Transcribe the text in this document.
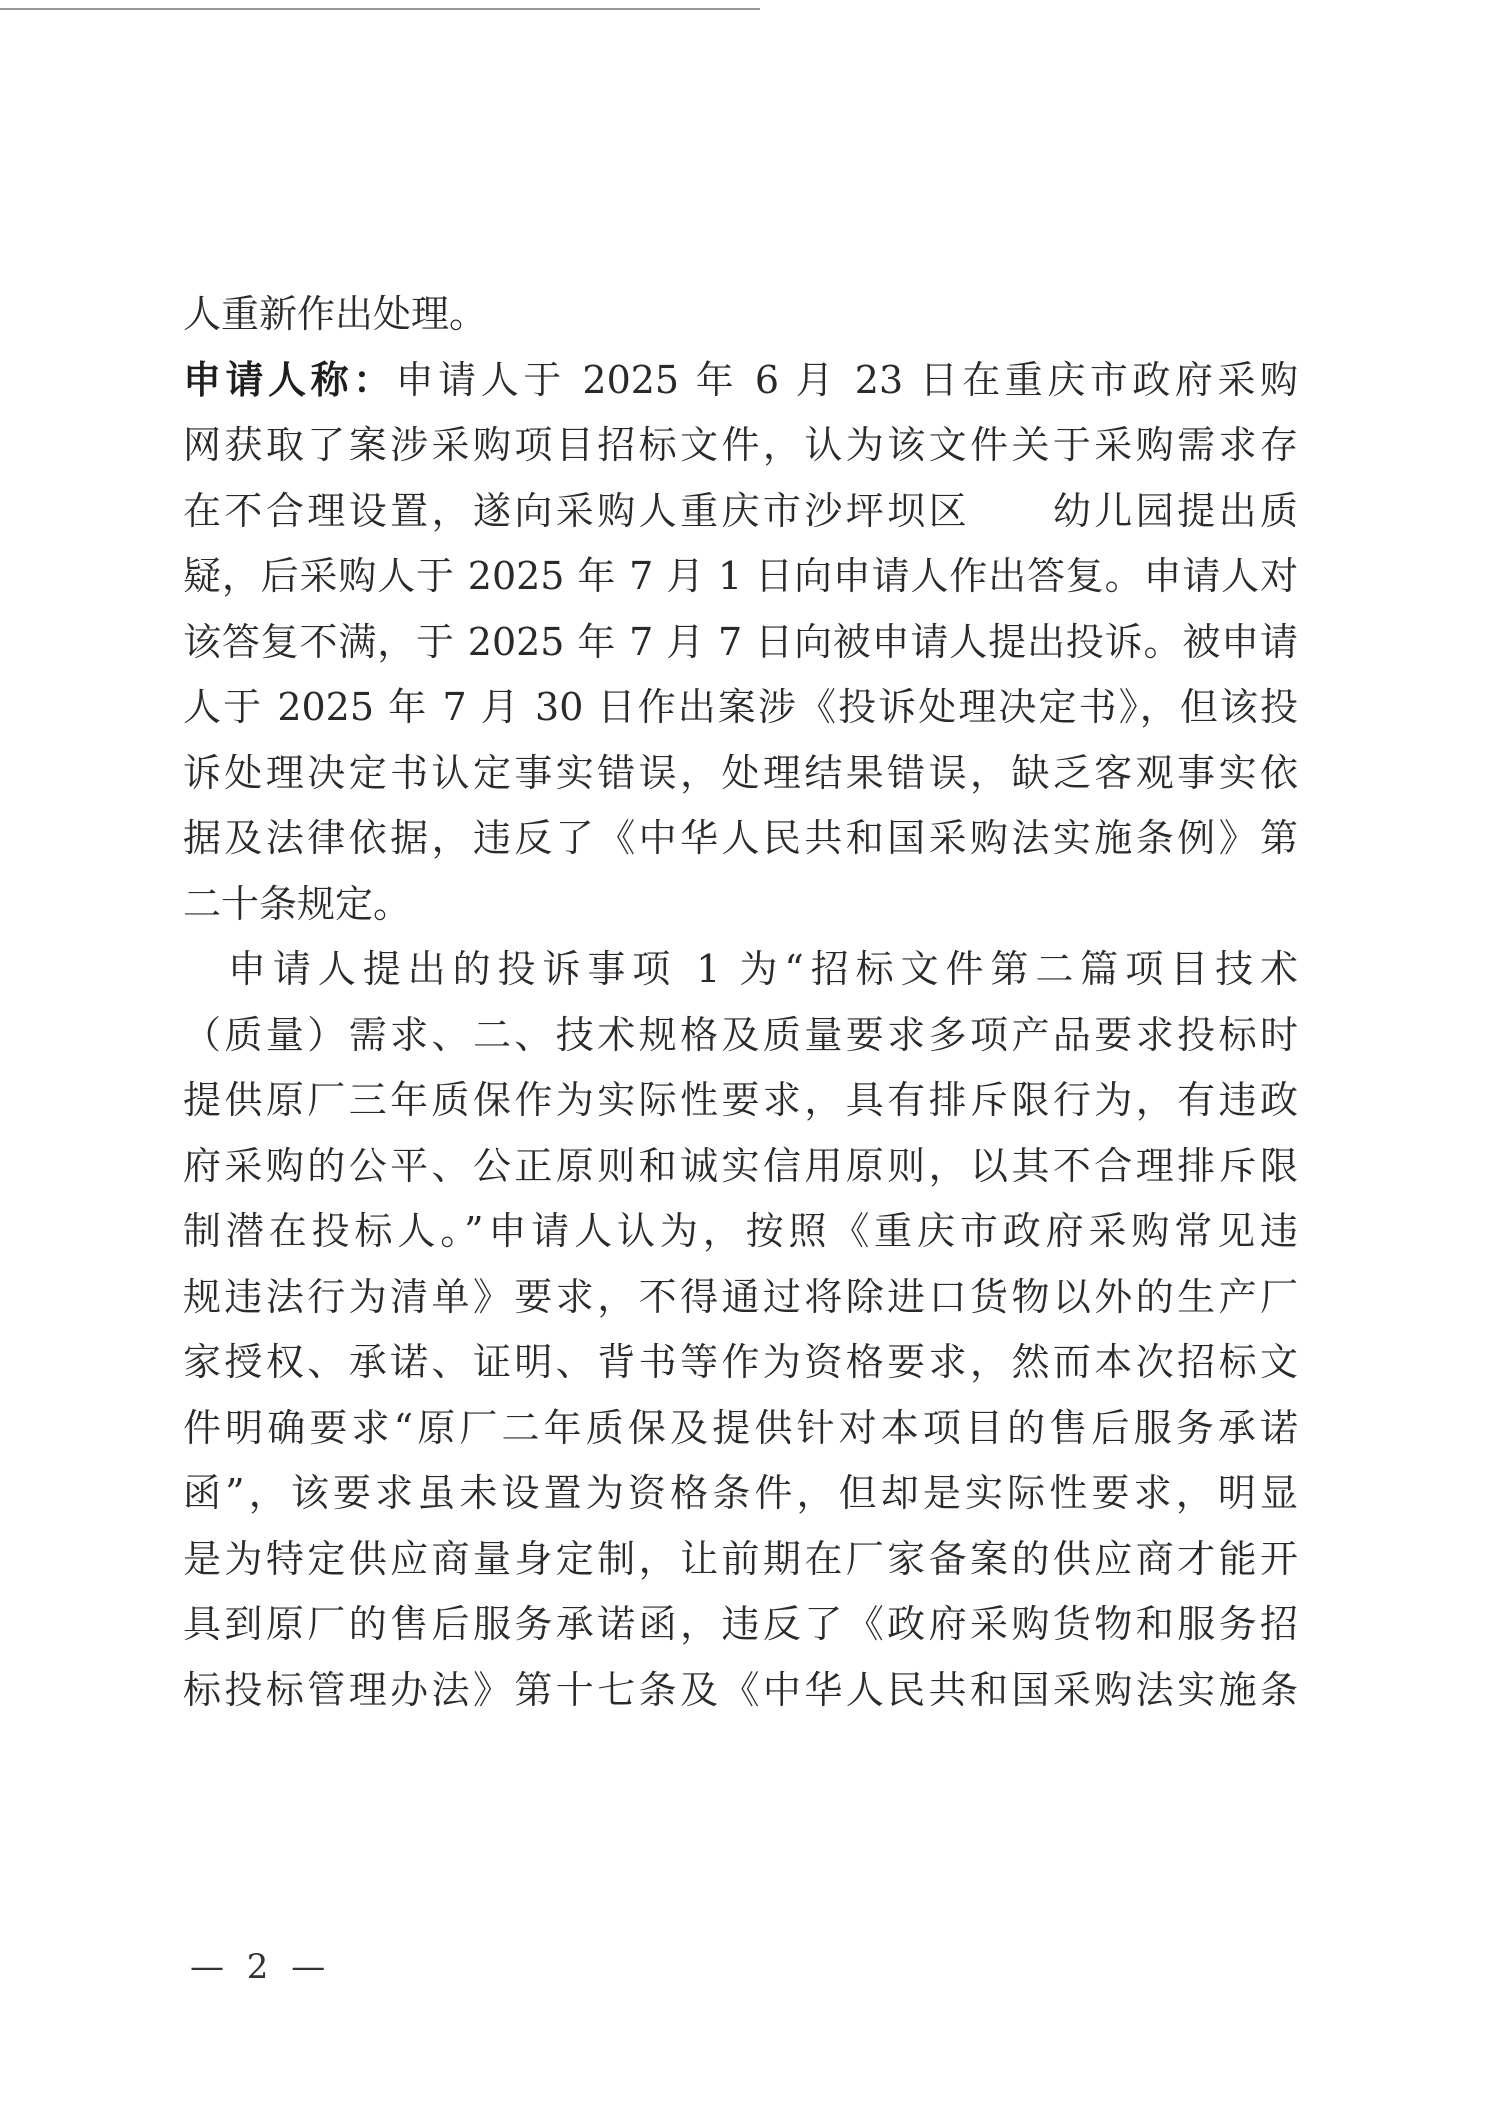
人重新作出处理。
申请人称：申请人于 2025 年 6 月 23 日在重庆市政府采购
网获取了案涉采购项目招标文件，认为该文件关于采购需求存
在不合理设置，遂向采购人重庆市沙坪坝区　　幼儿园提出质
疑，后采购人于 2025 年 7 月 1 日向申请人作出答复。申请人对
该答复不满，于 2025 年 7 月 7 日向被申请人提出投诉。被申请
人于 2025 年 7 月 30 日作出案涉《投诉处理决定书》，但该投
诉处理决定书认定事实错误，处理结果错误，缺乏客观事实依
据及法律依据，违反了《中华人民共和国采购法实施条例》第
二十条规定。
　申请人提出的投诉事项 1 为“招标文件第二篇项目技术
（质量）需求、二、技术规格及质量要求多项产品要求投标时
提供原厂三年质保作为实际性要求，具有排斥限行为，有违政
府采购的公平、公正原则和诚实信用原则，以其不合理排斥限
制潜在投标人。”申请人认为，按照《重庆市政府采购常见违
规违法行为清单》要求，不得通过将除进口货物以外的生产厂
家授权、承诺、证明、背书等作为资格要求，然而本次招标文
件明确要求“原厂二年质保及提供针对本项目的售后服务承诺
函”，该要求虽未设置为资格条件，但却是实际性要求，明显
是为特定供应商量身定制，让前期在厂家备案的供应商才能开
具到原厂的售后服务承诺函，违反了《政府采购货物和服务招
标投标管理办法》第十七条及《中华人民共和国采购法实施条
— 2 —
